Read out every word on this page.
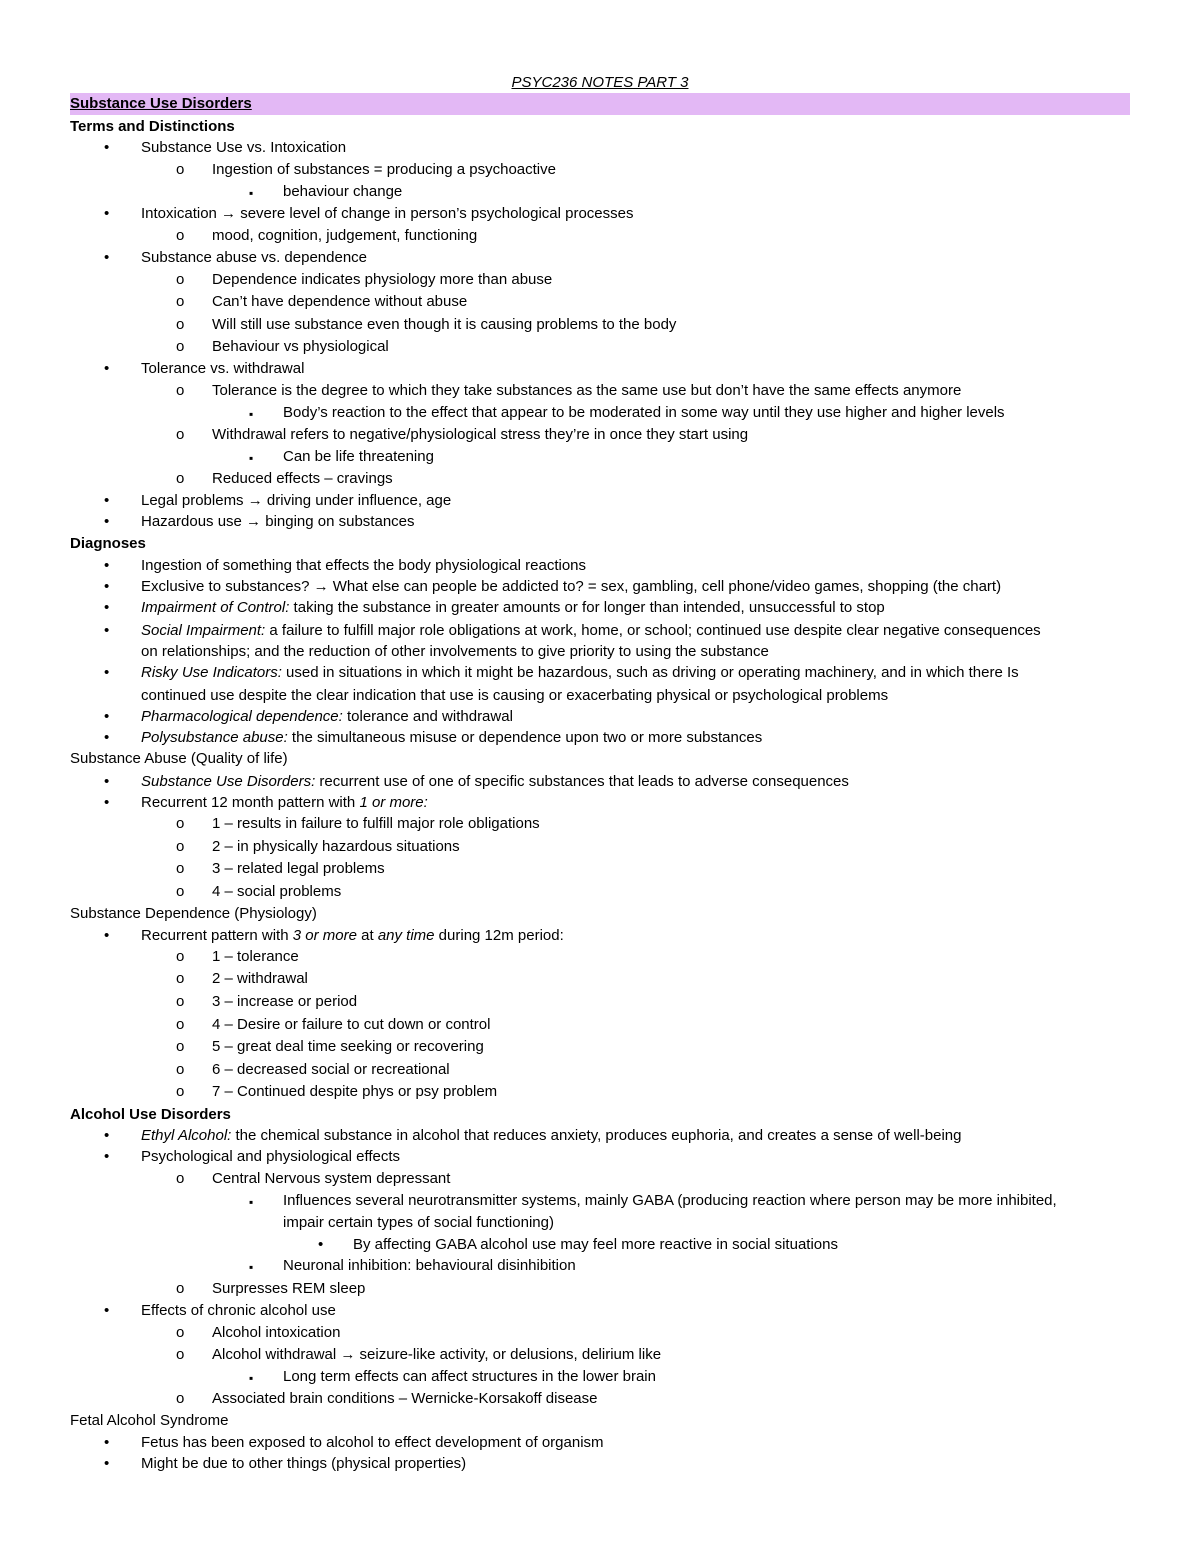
PSYC236 NOTES PART 3
Substance Use Disorders
Terms and Distinctions
• Substance Use vs. Intoxication
o Ingestion of substances = producing a psychoactive
▪ behaviour change
• Intoxication → severe level of change in person’s psychological processes
o mood, cognition, judgement, functioning
• Substance abuse vs. dependence
o Dependence indicates physiology more than abuse
o Can’t have dependence without abuse
o Will still use substance even though it is causing problems to the body
o Behaviour vs physiological
• Tolerance vs. withdrawal
o Tolerance is the degree to which they take substances as the same use but don’t have the same effects anymore
▪ Body’s reaction to the effect that appear to be moderated in some way until they use higher and higher levels
o Withdrawal refers to negative/physiological stress they’re in once they start using
▪ Can be life threatening
o Reduced effects – cravings
• Legal problems → driving under influence, age
• Hazardous use → binging on substances
Diagnoses
• Ingestion of something that effects the body physiological reactions
• Exclusive to substances? → What else can people be addicted to? = sex, gambling, cell phone/video games, shopping (the chart)
• Impairment of Control: taking the substance in greater amounts or for longer than intended, unsuccessful to stop
• Social Impairment: a failure to fulfill major role obligations at work, home, or school; continued use despite clear negative consequences
on relationships; and the reduction of other involvements to give priority to using the substance
• Risky Use Indicators: used in situations in which it might be hazardous, such as driving or operating machinery, and in which there Is
continued use despite the clear indication that use is causing or exacerbating physical or psychological problems
• Pharmacological dependence: tolerance and withdrawal
• Polysubstance abuse: the simultaneous misuse or dependence upon two or more substances
Substance Abuse (Quality of life)
• Substance Use Disorders: recurrent use of one of specific substances that leads to adverse consequences
• Recurrent 12 month pattern with 1 or more:
o 1 – results in failure to fulfill major role obligations
o 2 – in physically hazardous situations
o 3 – related legal problems
o 4 – social problems
Substance Dependence (Physiology)
• Recurrent pattern with 3 or more at any time during 12m period:
o 1 – tolerance
o 2 – withdrawal
o 3 – increase or period
o 4 – Desire or failure to cut down or control
o 5 – great deal time seeking or recovering
o 6 – decreased social or recreational
o 7 – Continued despite phys or psy problem
Alcohol Use Disorders
• Ethyl Alcohol: the chemical substance in alcohol that reduces anxiety, produces euphoria, and creates a sense of well-being
• Psychological and physiological effects
o Central Nervous system depressant
▪ Influences several neurotransmitter systems, mainly GABA (producing reaction where person may be more inhibited,
impair certain types of social functioning)
• By affecting GABA alcohol use may feel more reactive in social situations
▪ Neuronal inhibition: behavioural disinhibition
o Surpresses REM sleep
• Effects of chronic alcohol use
o Alcohol intoxication
o Alcohol withdrawal → seizure-like activity, or delusions, delirium like
▪ Long term effects can affect structures in the lower brain
o Associated brain conditions – Wernicke-Korsakoff disease
Fetal Alcohol Syndrome
• Fetus has been exposed to alcohol to effect development of organism
• Might be due to other things (physical properties)
